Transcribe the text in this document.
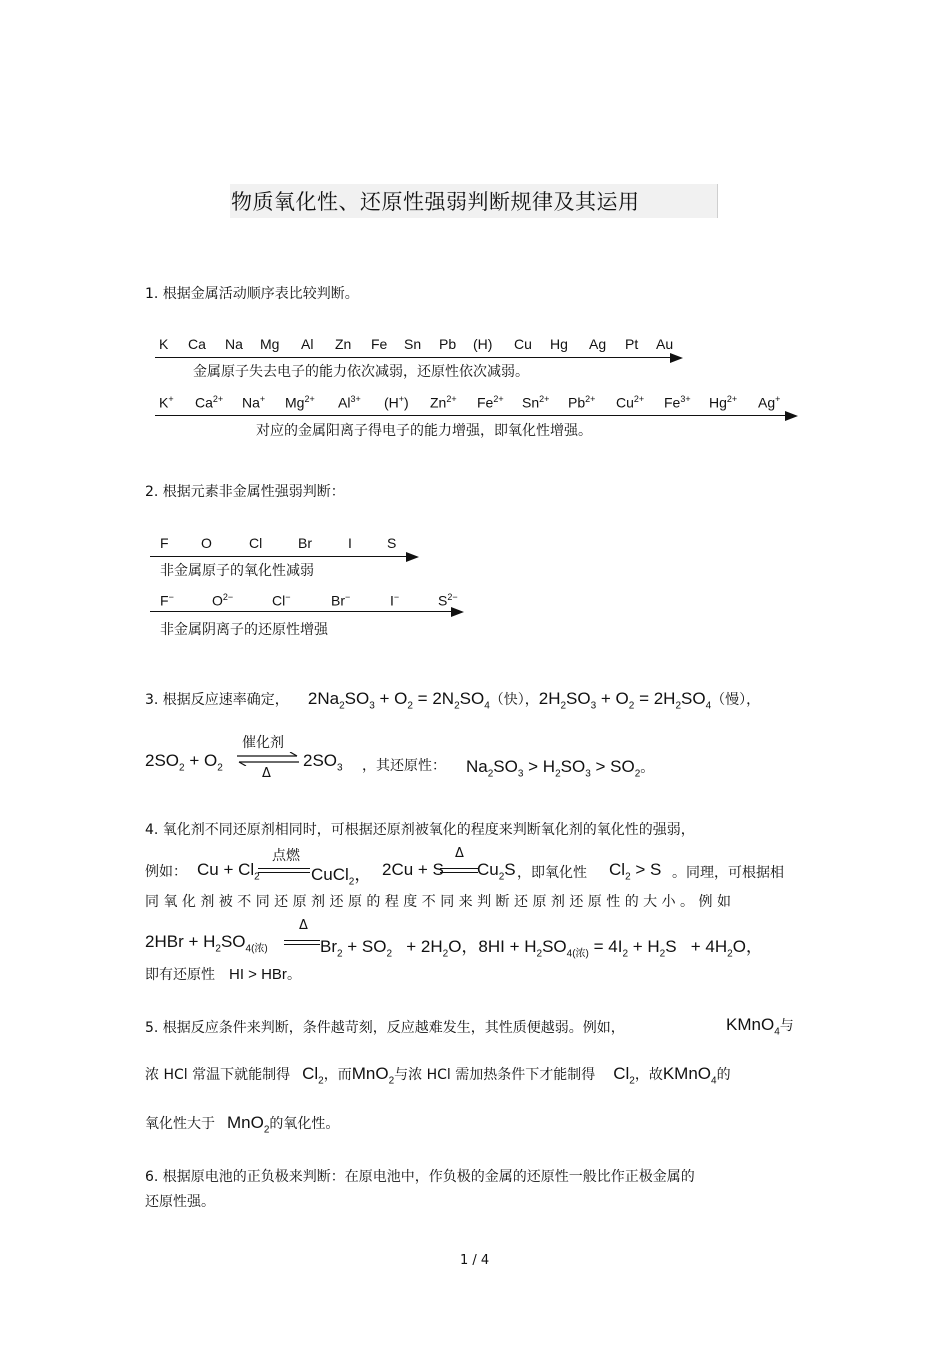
物质氧化性、还原性强弱判断规律及其运用
1. 根据金属活动顺序表比较判断。
K Ca Na Mg Al Zn Fe Sn Pb (H) Cu Hg Ag Pt Au
金属原子失去电子的能力依次减弱，还原性依次减弱。
K+ $Ca^{2+}$ Na+ $Mg^{2+}$ $Al^{3+}$ (H+) $Zn^{2+}$ $Fe^{2+}$ $Sn^{2+}$ $Pb^{2+}$ $Cu^{2+}$ $Fe^{3+}$ $Hg^{2+}$ Ag+
对应的金属阳离子得电子的能力增强，即氧化性增强。
2. 根据元素非金属性强弱判断：
F O	Cl	Br	I	S
非金属原子的氧化性减弱
F−	$O^{2-}$	Cl−	Br−	I−	$S^{2-}$
非金属阴离子的还原性增强
3. 根据反应速率确定， $2Na_2SO_3 + O_2 = 2N_2SO_4$（快），$2H_2SO_3 + O_2 = 2H_2SO_4$（慢），
$2SO_2 + O_2$
催化剂
Δ
$2SO_3$ ，其还原性： $Na_2SO_3 > H_2SO_3 > SO_2$。
4. 氧化剂不同还原剂相同时，可根据还原剂被氧化的程度来判断氧化剂的氧化性的强弱，
例如： $Cu + Cl_2$
点燃
CuCl$_2$， 2Cu + S
Δ
$Cu_2S$ ，即氧化性 $Cl_2 > S$ 。同理，可根据相
同 氧 化 剂 被 不 同 还 原 剂 还 原 的 程 度 不 同 来 判 断 还 原 剂 还 原 性 的 大 小 。 例 如
$2HBr + H_2SO_{4(浓)}$
Δ
$Br_2 + SO_2 + 2H_2O$，$8HI + H_2SO_{4(浓)} = 4I_2 + H_2S + 4H_2O$，
即有还原性 HI > HBr。
5. 根据反应条件来判断，条件越苛刻，反应越难发生，其性质便越弱。例如，	KMnO$_4$与
浓 HCl 常温下就能制得 $Cl_2$，而MnO$_2$与浓 HCl 需加热条件下才能制得 $Cl_2$，故KMnO$_4$的
氧化性大于 MnO$_2$的氧化性。
6. 根据原电池的正负极来判断：在原电池中，作负极的金属的还原性一般比作正极金属的
还原性强。
1 / 4
